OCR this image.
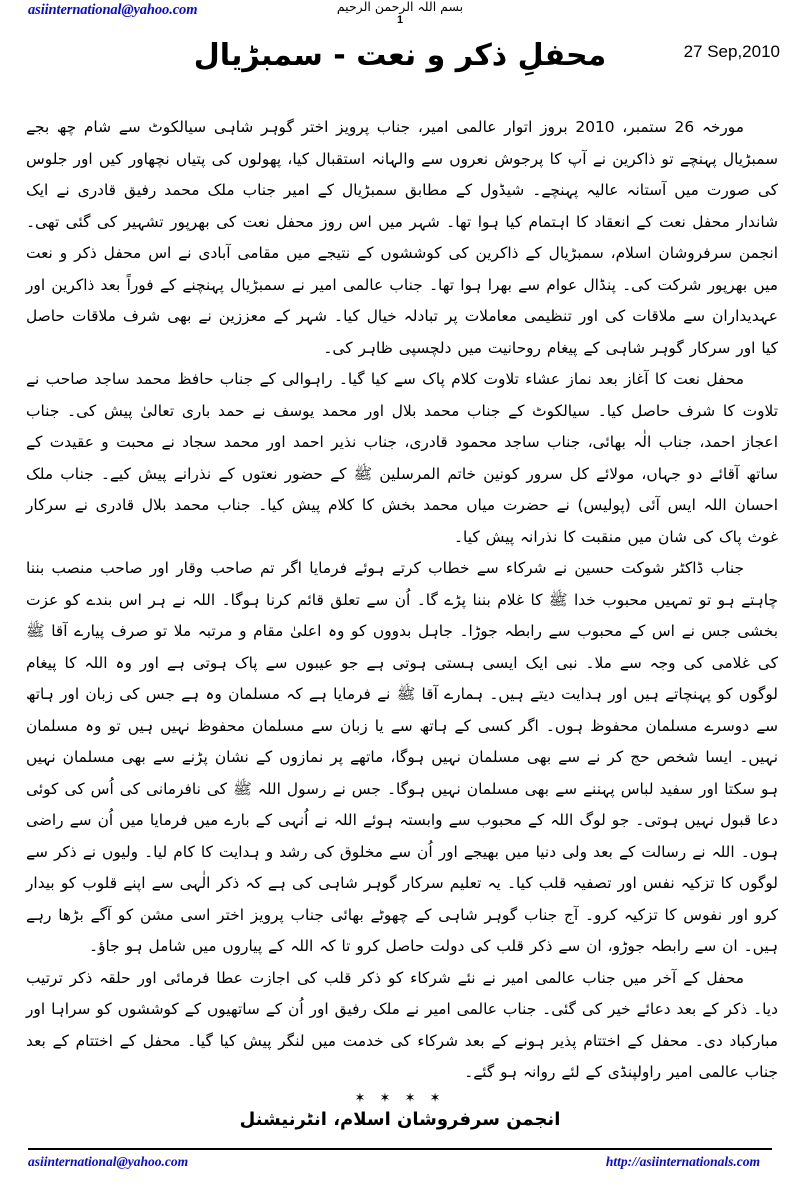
asiinternational@yahoo.com	بسم اللہ الرحمن الرحیم
1
27 Sep,2010
محفلِ ذکر و نعت - سمبڑیال

مورخہ 26 ستمبر، 2010 بروز اتوار عالمی امیر، جناب پرویز اختر گوہر شاہی سیالکوٹ سے شام چھ بجے سمبڑیال پہنچے تو ذاکرین نے آپ کا پرجوش نعروں سے والہانہ استقبال کیا، پھولوں کی پتیاں نچھاور کیں اور جلوس کی صورت میں آستانہ عالیہ پہنچے۔ شیڈول کے مطابق سمبڑیال کے امیر جناب ملک محمد رفیق قادری نے ایک شاندار محفل نعت کے انعقاد کا اہتمام کیا ہوا تھا۔ شہر میں اس روز محفل نعت کی بھرپور تشہیر کی گئی تھی۔ انجمن سرفروشان اسلام، سمبڑیال کے ذاکرین کی کوششوں کے نتیجے میں مقامی آبادی نے اس محفل ذکر و نعت میں بھرپور شرکت کی۔ پنڈال عوام سے بھرا ہوا تھا۔ جناب عالمی امیر نے سمبڑیال پہنچنے کے فوراً بعد ذاکرین اور عہدیداران سے ملاقات کی اور تنظیمی معاملات پر تبادلہ خیال کیا۔ شہر کے معززین نے بھی شرف ملاقات حاصل کیا اور سرکار گوہر شاہی کے پیغام روحانیت میں دلچسپی ظاہر کی۔

محفل نعت کا آغاز بعد نماز عشاء تلاوت کلام پاک سے کیا گیا۔ راہوالی کے جناب حافظ محمد ساجد صاحب نے تلاوت کا شرف حاصل کیا۔ سیالکوٹ کے جناب محمد بلال اور محمد یوسف نے حمد باری تعالیٰ پیش کی۔ جناب اعجاز احمد، جناب الٰہ بھائی، جناب ساجد محمود قادری، جناب نذیر احمد اور محمد سجاد نے محبت و عقیدت کے ساتھ آقائے دو جہاں، مولائے کل سرور کونین خاتم المرسلین ﷺ کے حضور نعتوں کے نذرانے پیش کیے۔ جناب ملک احسان اللہ ایس آئی (پولیس) نے حضرت میاں محمد بخش کا کلام پیش کیا۔ جناب محمد بلال قادری نے سرکار غوث پاک کی شان میں منقبت کا نذرانہ پیش کیا۔

جناب ڈاکٹر شوکت حسین نے شرکاء سے خطاب کرتے ہوئے فرمایا اگر تم صاحب وقار اور صاحب منصب بننا چاہتے ہو تو تمہیں محبوب خدا ﷺ کا غلام بننا پڑے گا۔ اُن سے تعلق قائم کرنا ہوگا۔ اللہ نے ہر اس بندے کو عزت بخشی جس نے اس کے محبوب سے رابطہ جوڑا۔ جاہل بدووں کو وہ اعلیٰ مقام و مرتبہ ملا تو صرف پیارے آقا ﷺ کی غلامی کی وجہ سے ملا۔ نبی ایک ایسی ہستی ہوتی ہے جو عیبوں سے پاک ہوتی ہے اور وہ اللہ کا پیغام لوگوں کو پہنچاتے ہیں اور ہدایت دیتے ہیں۔ ہمارے آقا ﷺ نے فرمایا ہے کہ مسلمان وہ ہے جس کی زبان اور ہاتھ سے دوسرے مسلمان محفوظ ہوں۔ اگر کسی کے ہاتھ سے یا زبان سے مسلمان محفوظ نہیں ہیں تو وہ مسلمان نہیں۔ ایسا شخص حج کر نے سے بھی مسلمان نہیں ہوگا، ماتھے پر نمازوں کے نشان پڑنے سے بھی مسلمان نہیں ہو سکتا اور سفید لباس پہننے سے بھی مسلمان نہیں ہوگا۔ جس نے رسول اللہ ﷺ کی نافرمانی کی اُس کی کوئی دعا قبول نہیں ہوتی۔ جو لوگ اللہ کے محبوب سے وابستہ ہوئے اللہ نے اُنہی کے بارے میں فرمایا میں اُن سے راضی ہوں۔ اللہ نے رسالت کے بعد ولی دنیا میں بھیجے اور اُن سے مخلوق کی رشد و ہدایت کا کام لیا۔ ولیوں نے ذکر سے لوگوں کا تزکیہ نفس اور تصفیہ قلب کیا۔ یہ تعلیم سرکار گوہر شاہی کی ہے کہ ذکر الٰہی سے اپنے قلوب کو بیدار کرو اور نفوس کا تزکیہ کرو۔ آج جناب گوہر شاہی کے چھوٹے بھائی جناب پرویز اختر اسی مشن کو آگے بڑھا رہے ہیں۔ ان سے رابطہ جوڑو، ان سے ذکر قلب کی دولت حاصل کرو تا کہ اللہ کے پیاروں میں شامل ہو جاؤ۔

محفل کے آخر میں جناب عالمی امیر نے نئے شرکاء کو ذکر قلب کی اجازت عطا فرمائی اور حلقہ ذکر ترتیب دیا۔ ذکر کے بعد دعائے خیر کی گئی۔ جناب عالمی امیر نے ملک رفیق اور اُن کے ساتھیوں کے کوششوں کو سراہا اور مبارکباد دی۔ محفل کے اختتام پذیر ہونے کے بعد شرکاء کی خدمت میں لنگر پیش کیا گیا۔ محفل کے اختتام کے بعد جناب عالمی امیر راولپنڈی کے لئے روانہ ہو گئے۔

✶ ✶ ✶ ✶
انجمن سرفروشان اسلام، انٹرنیشنل
asiinternational@yahoo.com	http://asiinternationals.com
